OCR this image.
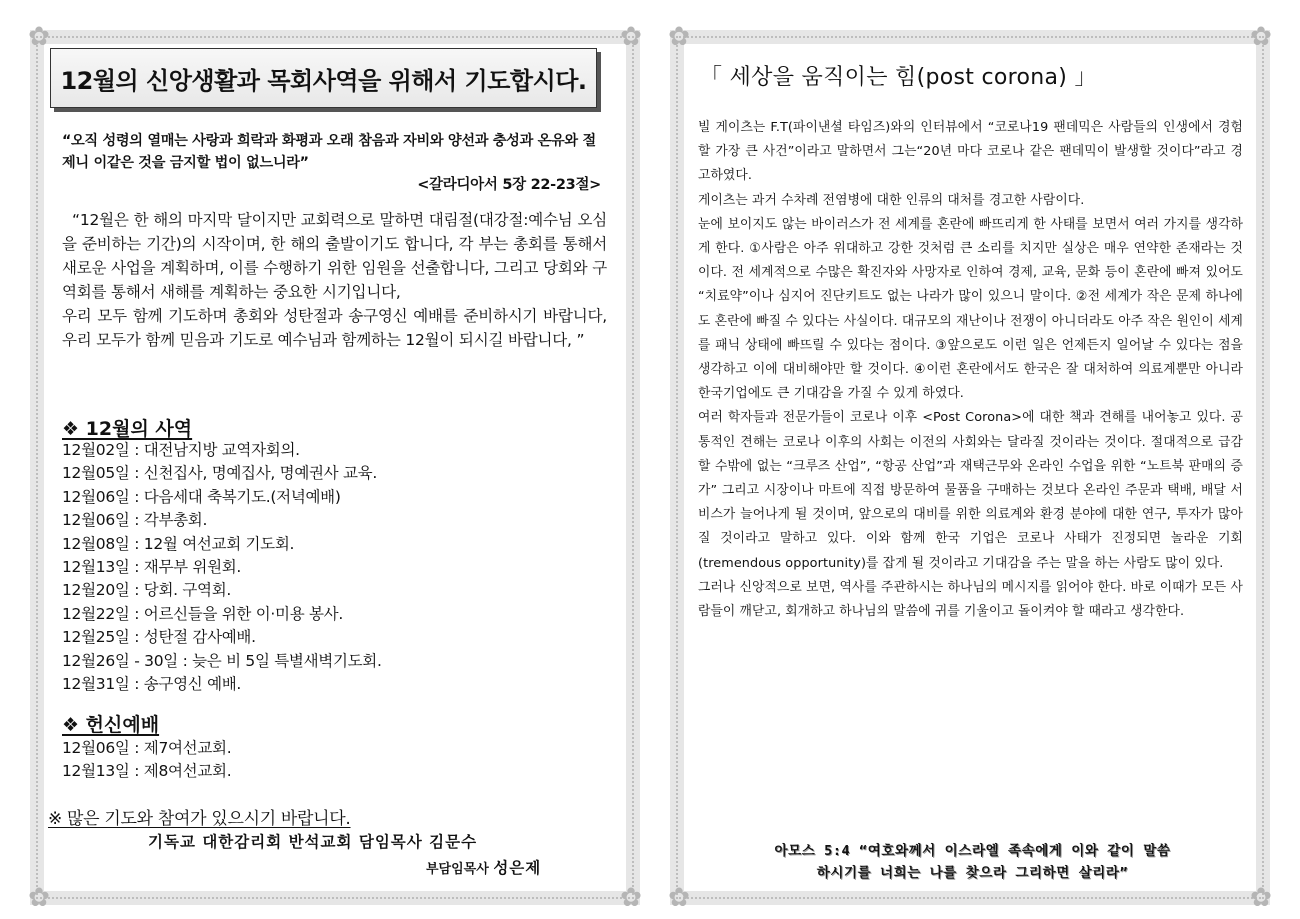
✿	✿
✿	✿
12월의 신앙생활과 목회사역을 위해서 기도합시다.
“오직 성령의 열매는 사랑과 희락과 화평과 오래 참음과 자비와 양선과 충성과 온유와 절제니 이같은 것을 금지할 법이 없느니라”
<갈라디아서 5장 22-23절>
“12월은 한 해의 마지막 달이지만 교회력으로 말하면 대림절(대강절:예수님 오심을 준비하는 기간)의 시작이며, 한 해의 출발이기도 합니다, 각 부는 총회를 통해서 새로운 사업을 계획하며, 이를 수행하기 위한 임원을 선출합니다, 그리고 당회와 구역회를 통해서 새해를 계획하는 중요한 시기입니다,
우리 모두 함께 기도하며 총회와 성탄절과 송구영신 예배를 준비하시기 바랍니다, 우리 모두가 함께 믿음과 기도로 예수님과 함께하는 12월이 되시길 바랍니다, ”
❖ 12월의 사역
12월02일 : 대전남지방 교역자회의.
12월05일 : 신천집사, 명예집사, 명예권사 교육.
12월06일 : 다음세대 축복기도.(저녁예배)
12월06일 : 각부총회.
12월08일 : 12월 여선교회 기도회.
12월13일 : 재무부 위원회.
12월20일 : 당회. 구역회.
12월22일 : 어르신들을 위한 이·미용 봉사.
12월25일 : 성탄절 감사예배.
12월26일 - 30일 : 늦은 비 5일 특별새벽기도회.
12월31일 : 송구영신 예배.
❖ 헌신예배
12월06일 : 제7여선교회.
12월13일 : 제8여선교회.
※ 많은 기도와 참여가 있으시기 바랍니다.
기독교 대한감리회 반석교회 담임목사 김문수
부담임목사 성은제
✿	✿
✿	✿
「 세상을 움직이는 힘(post corona) 」

빌 게이츠는 F.T(파이낸셜 타임즈)와의 인터뷰에서 “코로나19 팬데믹은 사람들의 인생에서 경험할 가장 큰 사건”이라고 말하면서 그는“20년 마다 코로나 같은 팬데믹이 발생할 것이다”라고 경고하였다.

게이츠는 과거 수차례 전염병에 대한 인류의 대처를 경고한 사람이다.

눈에 보이지도 않는 바이러스가 전 세계를 혼란에 빠뜨리게 한 사태를 보면서 여러 가지를 생각하게 한다. ①사람은 아주 위대하고 강한 것처럼 큰 소리를 치지만 실상은 매우 연약한 존재라는 것이다. 전 세계적으로 수많은 확진자와 사망자로 인하여 경제, 교육, 문화 등이 혼란에 빠져 있어도 “치료약”이나 심지어 진단키트도 없는 나라가 많이 있으니 말이다. ②전 세계가 작은 문제 하나에도 혼란에 빠질 수 있다는 사실이다. 대규모의 재난이나 전쟁이 아니더라도 아주 작은 원인이 세계를 패닉 상태에 빠뜨릴 수 있다는 점이다. ③앞으로도 이런 일은 언제든지 일어날 수 있다는 점을 생각하고 이에 대비해야만 할 것이다. ④이런 혼란에서도 한국은 잘 대처하여 의료계뿐만 아니라 한국기업에도 큰 기대감을 가질 수 있게 하였다.

여러 학자들과 전문가들이 코로나 이후 <Post Corona>에 대한 책과 견해를 내어놓고 있다. 공통적인 견해는 코로나 이후의 사회는 이전의 사회와는 달라질 것이라는 것이다. 절대적으로 급감할 수밖에 없는 “크루즈 산업”, “항공 산업”과 재택근무와 온라인 수업을 위한 “노트북 판매의 증가” 그리고 시장이나 마트에 직접 방문하여 물품을 구매하는 것보다 온라인 주문과 택배, 배달 서비스가 늘어나게 될 것이며, 앞으로의 대비를 위한 의료계와 환경 분야에 대한 연구, 투자가 많아질 것이라고 말하고 있다. 이와 함께 한국 기업은 코로나 사태가 진정되면 놀라운 기회(tremendous opportunity)를 잡게 될 것이라고 기대감을 주는 말을 하는 사람도 많이 있다.

그러나 신앙적으로 보면, 역사를 주관하시는 하나님의 메시지를 읽어야 한다. 바로 이때가 모든 사람들이 깨닫고, 회개하고 하나님의 말씀에 귀를 기울이고 돌이켜야 할 때라고 생각한다.

아모스 5:4 “여호와께서 이스라엘 족속에게 이와 같이 말씀
하시기를 너희는 나를 찾으라 그리하면 살리라”
